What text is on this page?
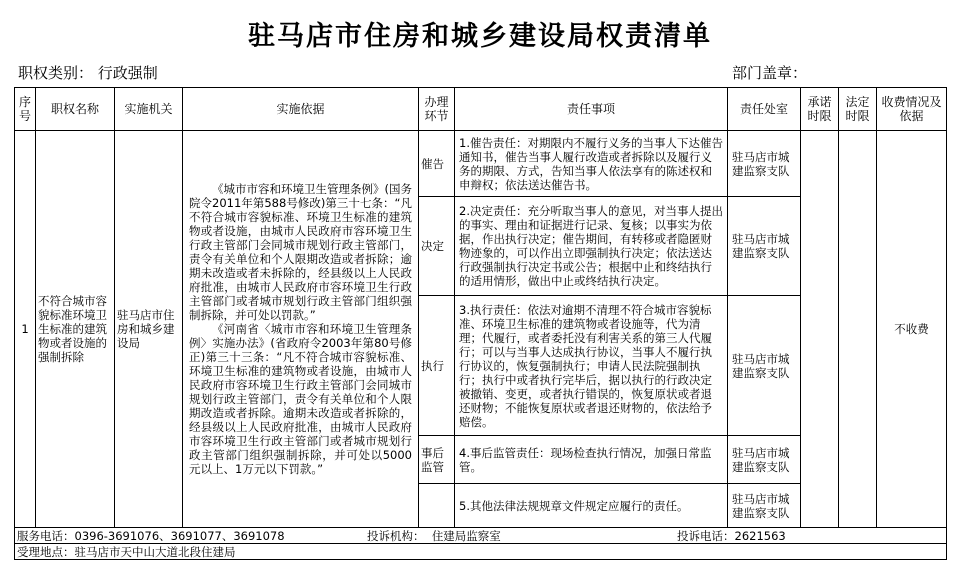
驻马店市住房和城乡建设局权责清单
职权类别： 行政强制	部门盖章：
序号	职权名称	实施机关	实施依据	办理环节	责任事项	责任处室	承诺时限	法定时限	收费情况及依据
1	不符合城市容貌标准环境卫生标准的建筑物或者设施的强制拆除	驻马店市住房和城乡建设局	《城市市容和环境卫生管理条例》(国务院令2011年第588号修改)第三十七条：“凡不符合城市容貌标准、环境卫生标准的建筑物或者设施，由城市人民政府市容环境卫生行政主管部门会同城市规划行政主管部门，责令有关单位和个人限期改造或者拆除；逾期未改造或者未拆除的，经县级以上人民政府批准，由城市人民政府市容环境卫生行政主管部门或者城市规划行政主管部门组织强制拆除，并可处以罚款。”

《河南省〈城市市容和环境卫生管理条例〉实施办法》(省政府令2003年第80号修正)第三十三条：“凡不符合城市容貌标准、环境卫生标准的建筑物或者设施，由城市人民政府市容环境卫生行政主管部门会同城市规划行政主管部门，责令有关单位和个人限期改造或者拆除。逾期未改造或者拆除的，经县级以上人民政府批准，由城市人民政府市容环境卫生行政主管部门或者城市规划行政主管部门组织强制拆除，并可处以5000元以上、1万元以下罚款。”	催告	1.催告责任：对期限内不履行义务的当事人下达催告通知书，催告当事人履行改造或者拆除以及履行义务的期限、方式，告知当事人依法享有的陈述权和申辩权；依法送达催告书。	驻马店市城建监察支队			不收费
				决定	2.决定责任：充分听取当事人的意见，对当事人提出的事实、理由和证据进行记录、复核；以事实为依据，作出执行决定；催告期间，有转移或者隐匿财物迹象的，可以作出立即强制执行决定；依法送达行政强制执行决定书或公告；根据中止和终结执行的适用情形，做出中止或终结执行决定。	驻马店市城建监察支队			
				执行	3.执行责任：依法对逾期不清理不符合城市容貌标准、环境卫生标准的建筑物或者设施等，代为清理；代履行，或者委托没有利害关系的第三人代履行；可以与当事人达成执行协议，当事人不履行执行协议的，恢复强制执行；申请人民法院强制执行；执行中或者执行完毕后，据以执行的行政决定被撤销、变更，或者执行错误的，恢复原状或者退还财物；不能恢复原状或者退还财物的，依法给予赔偿。	驻马店市城建监察支队			
				事后监管	4.事后监管责任：现场检查执行情况，加强日常监管。	驻马店市城建监察支队			
					5.其他法律法规规章文件规定应履行的责任。	驻马店市城建监察支队			
服务电话：0396-3691076、3691077、3691078 投诉机构： 住建局监察室 投诉电话：2621563									
受理地点：驻马店市天中山大道北段住建局									
